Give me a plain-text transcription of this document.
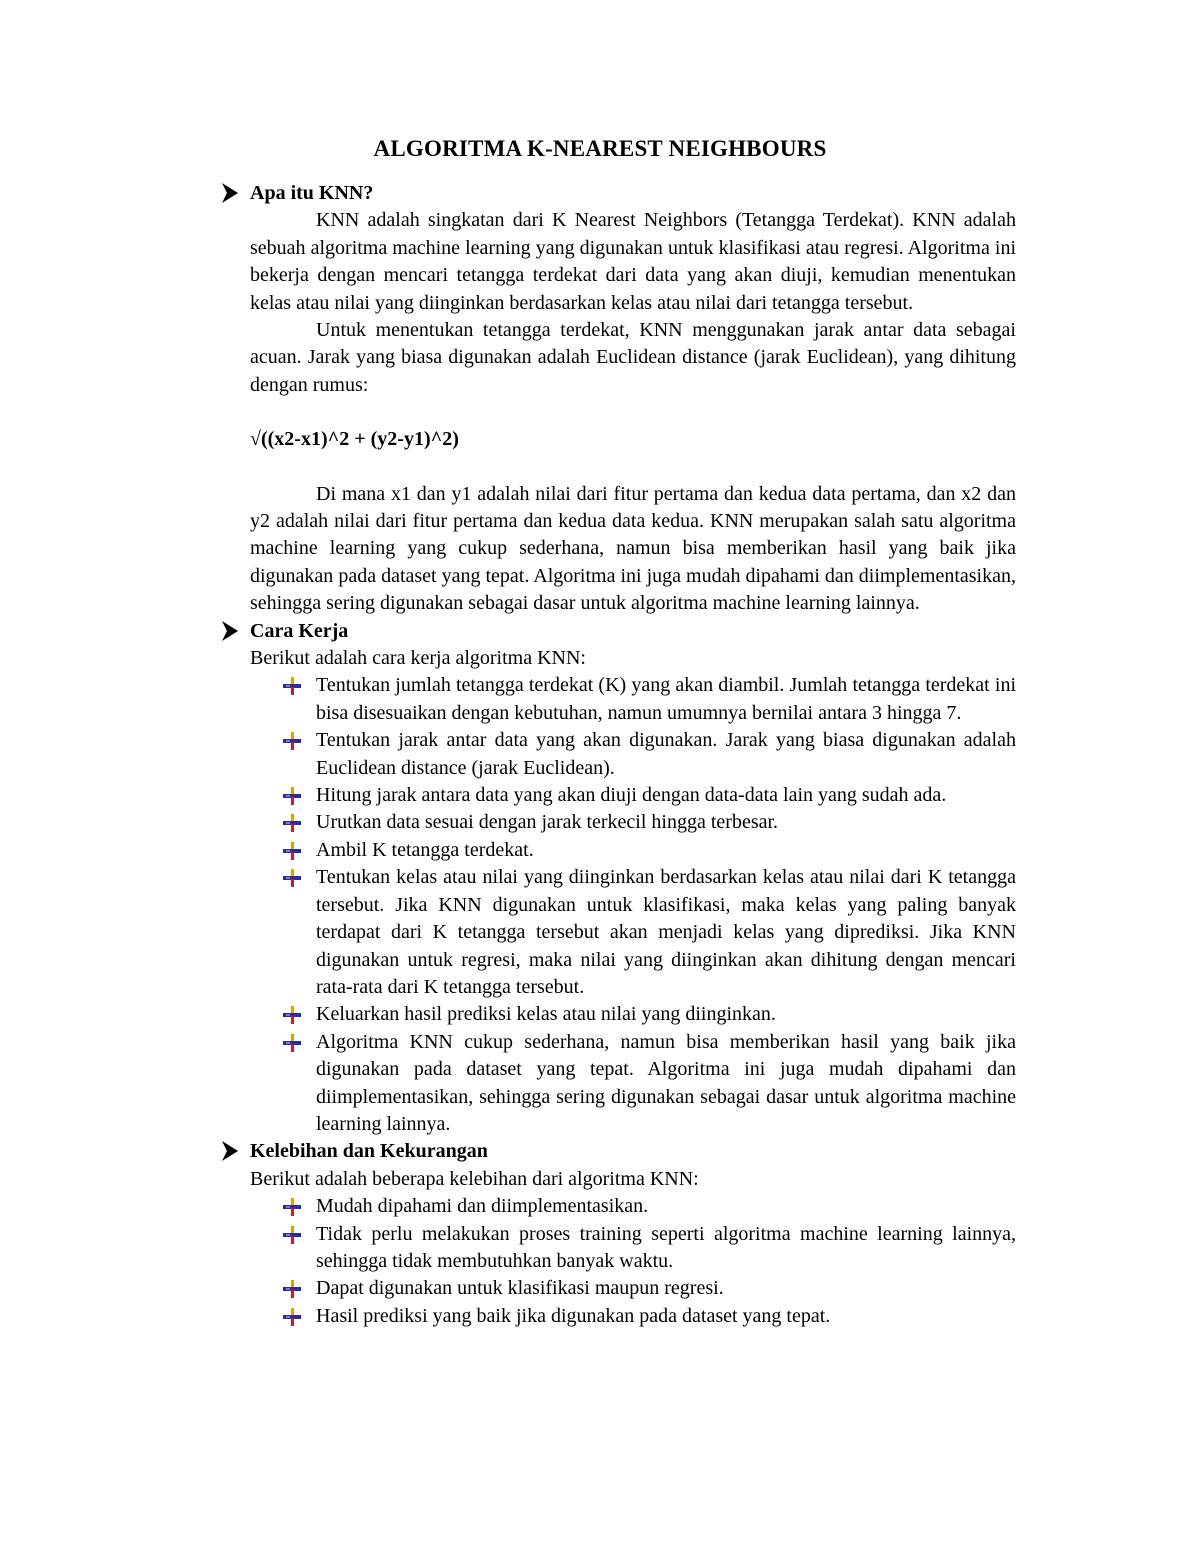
ALGORITMA K-NEAREST NEIGHBOURS
Apa itu KNN?

KNN adalah singkatan dari K Nearest Neighbors (Tetangga Terdekat). KNN adalah sebuah algoritma machine learning yang digunakan untuk klasifikasi atau regresi. Algoritma ini bekerja dengan mencari tetangga terdekat dari data yang akan diuji, kemudian menentukan kelas atau nilai yang diinginkan berdasarkan kelas atau nilai dari tetangga tersebut.

Untuk menentukan tetangga terdekat, KNN menggunakan jarak antar data sebagai acuan. Jarak yang biasa digunakan adalah Euclidean distance (jarak Euclidean), yang dihitung dengan rumus:

√((x2-x1)^2 + (y2-y1)^2)

Di mana x1 dan y1 adalah nilai dari fitur pertama dan kedua data pertama, dan x2 dan y2 adalah nilai dari fitur pertama dan kedua data kedua. KNN merupakan salah satu algoritma machine learning yang cukup sederhana, namun bisa memberikan hasil yang baik jika digunakan pada dataset yang tepat. Algoritma ini juga mudah dipahami dan diimplementasikan, sehingga sering digunakan sebagai dasar untuk algoritma machine learning lainnya.

Cara Kerja

Berikut adalah cara kerja algoritma KNN:

Tentukan jumlah tetangga terdekat (K) yang akan diambil. Jumlah tetangga terdekat ini bisa disesuaikan dengan kebutuhan, namun umumnya bernilai antara 3 hingga 7.
Tentukan jarak antar data yang akan digunakan. Jarak yang biasa digunakan adalah Euclidean distance (jarak Euclidean).
Hitung jarak antara data yang akan diuji dengan data-data lain yang sudah ada.
Urutkan data sesuai dengan jarak terkecil hingga terbesar.
Ambil K tetangga terdekat.
Tentukan kelas atau nilai yang diinginkan berdasarkan kelas atau nilai dari K tetangga tersebut. Jika KNN digunakan untuk klasifikasi, maka kelas yang paling banyak terdapat dari K tetangga tersebut akan menjadi kelas yang diprediksi. Jika KNN digunakan untuk regresi, maka nilai yang diinginkan akan dihitung dengan mencari rata-rata dari K tetangga tersebut.
Keluarkan hasil prediksi kelas atau nilai yang diinginkan.
Algoritma KNN cukup sederhana, namun bisa memberikan hasil yang baik jika digunakan pada dataset yang tepat. Algoritma ini juga mudah dipahami dan diimplementasikan, sehingga sering digunakan sebagai dasar untuk algoritma machine learning lainnya.
Kelebihan dan Kekurangan

Berikut adalah beberapa kelebihan dari algoritma KNN:

Mudah dipahami dan diimplementasikan.
Tidak perlu melakukan proses training seperti algoritma machine learning lainnya, sehingga tidak membutuhkan banyak waktu.
Dapat digunakan untuk klasifikasi maupun regresi.
Hasil prediksi yang baik jika digunakan pada dataset yang tepat.
